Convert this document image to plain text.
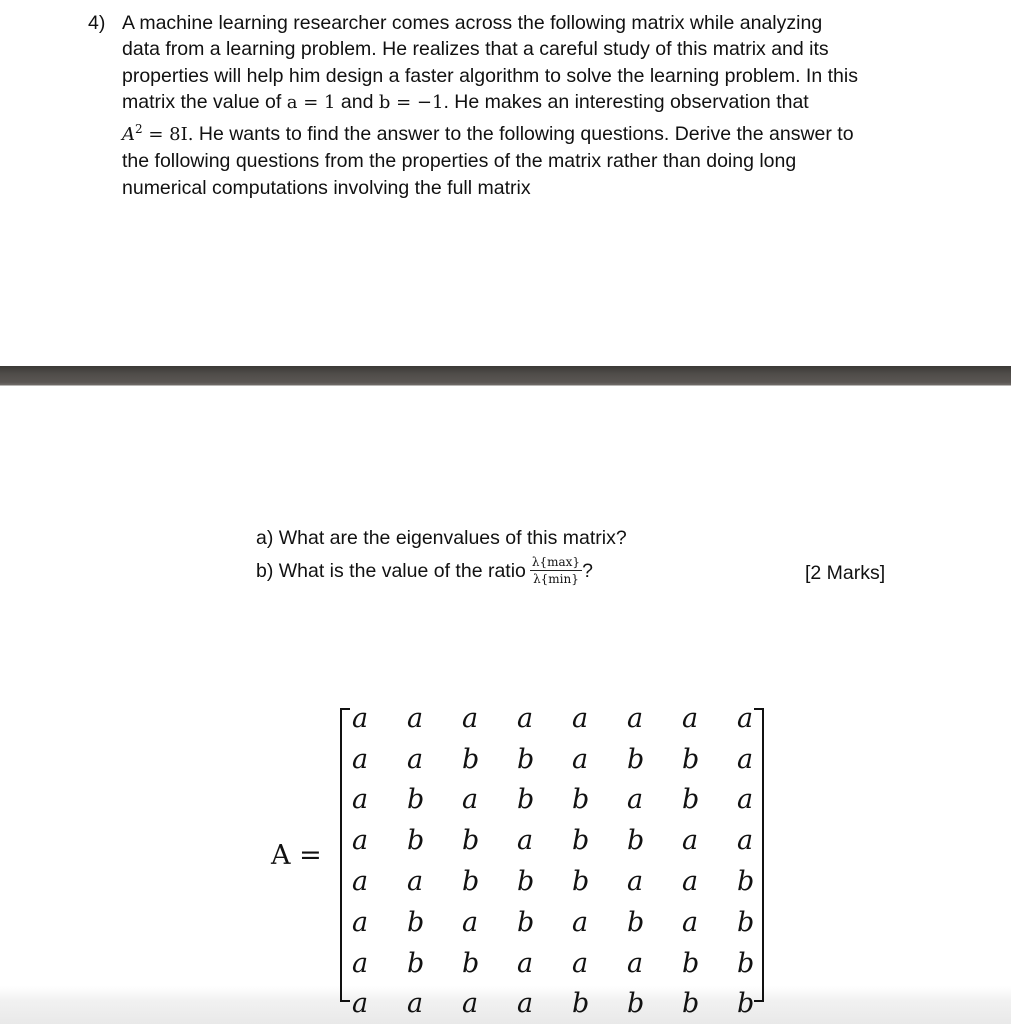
4) A machine learning researcher comes across the following matrix while analyzing
data from a learning problem. He realizes that a careful study of this matrix and its
properties will help him design a faster algorithm to solve the learning problem. In this
matrix the value of a = 1 and b = −1. He makes an interesting observation that
$A^2 = 8I$. He wants to find the answer to the following questions. Derive the answer to
the following questions from the properties of the matrix rather than doing long
numerical computations involving the full matrix
a) What are the eigenvalues of this matrix?
b) What is the value of the ratio $\frac{\lambda\{\max\}}{\lambda\{\min\}}$ ?	[2 Marks]
A =
a	a	a	a	a	a	a	a
a	a	b	b	a	b	b	a
a	b	a	b	b	a	b	a
a	b	b	a	b	b	a	a
a	a	b	b	b	a	a	b
a	b	a	b	a	b	a	b
a	b	b	a	a	a	b	b
a	a	a	a	b	b	b	b
